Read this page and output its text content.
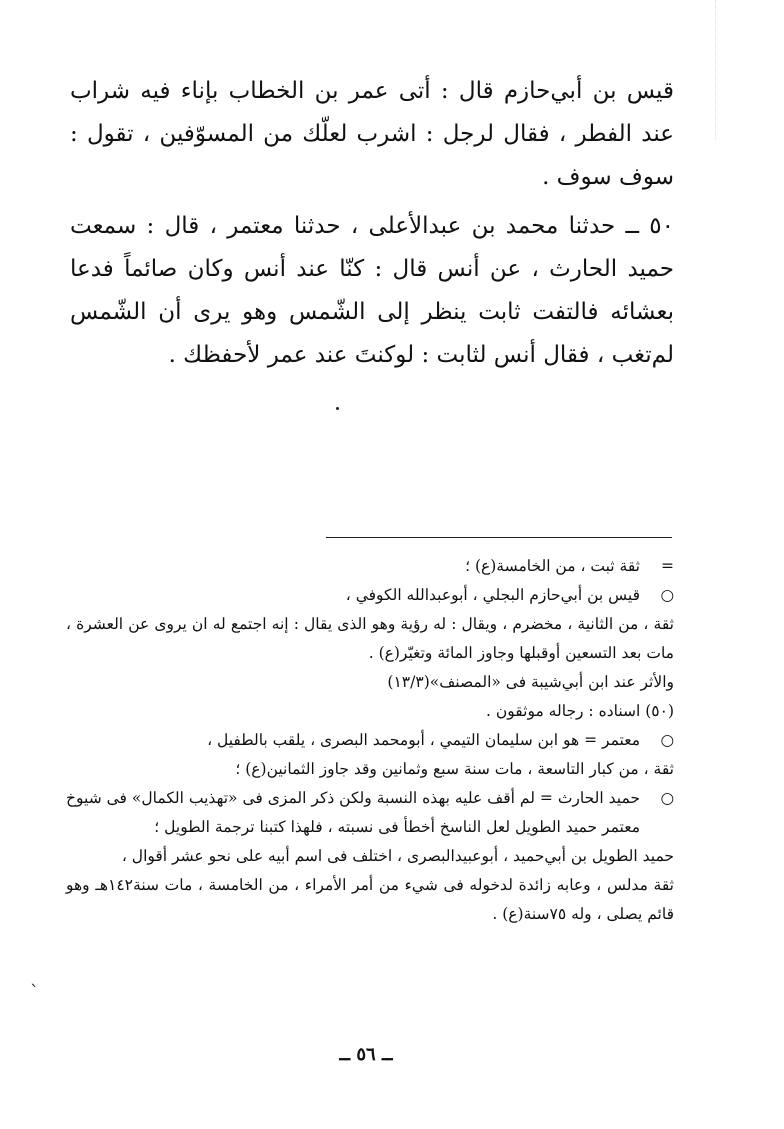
قيس بن أبي‌حازم قال : أتى عمر بن الخطاب بإناء فيه شراب عند الفطر ، فقال لرجل : اشرب لعلّك من المسوّفين ، تقول : سوف سوف .

٥٠ ــ حدثنا محمد بن عبدالأعلى ، حدثنا معتمر ، قال : سمعت حميد الحارث ، عن أنس قال : كنّا عند أنس وكان صائماً فدعا بعشائه فالتفت ثابت ينظر إلى الشّمس وهو يرى أن الشّمس لم‌تغب ، فقال أنس لثابت : لوكنتَ عند عمر لأحفظك .

=
ثقة ثبت ، من الخامسة(ع) ؛
○
قيس بن أبي‌حازم البجلي ، أبوعبدالله الكوفي ،
ثقة ، من الثانية ، مخضرم ، ويقال : له رؤية وهو الذى يقال : إنه اجتمع له ان يروى عن العشرة ، مات بعد التسعين أوقبلها وجاوز المائة وتغيّر(ع) .
والأثر عند ابن أبي‌شيبة فى «المصنف»(١٣/٣)
(٥٠) اسناده : رجاله موثقون .
○
معتمر = هو ابن سليمان التيمي ، أبومحمد البصرى ، يلقب بالطفيل ،
ثقة ، من كبار التاسعة ، مات سنة سبع وثمانين وقد جاوز الثمانين(ع) ؛
○
حميد الحارث = لم أقف عليه بهذه النسبة ولكن ذكر المزى فى «تهذيب الكمال» فى شيوخ معتمر حميد الطويل لعل الناسخ أخطأ فى نسبته ، فلهذا كتبنا ترجمة الطويل ؛
حميد الطويل بن أبي‌حميد ، أبوعبيدالبصرى ، اختلف فى اسم أبيه على نحو عشر أقوال ،
ثقة مدلس ، وعابه زائدة لدخوله فى شيء من أمر الأمراء ، من الخامسة ، مات سنة١٤٢هـ وهو قائم يصلى ، وله ٧٥سنة(ع) .
ˋ
ــ ٥٦ ــ
